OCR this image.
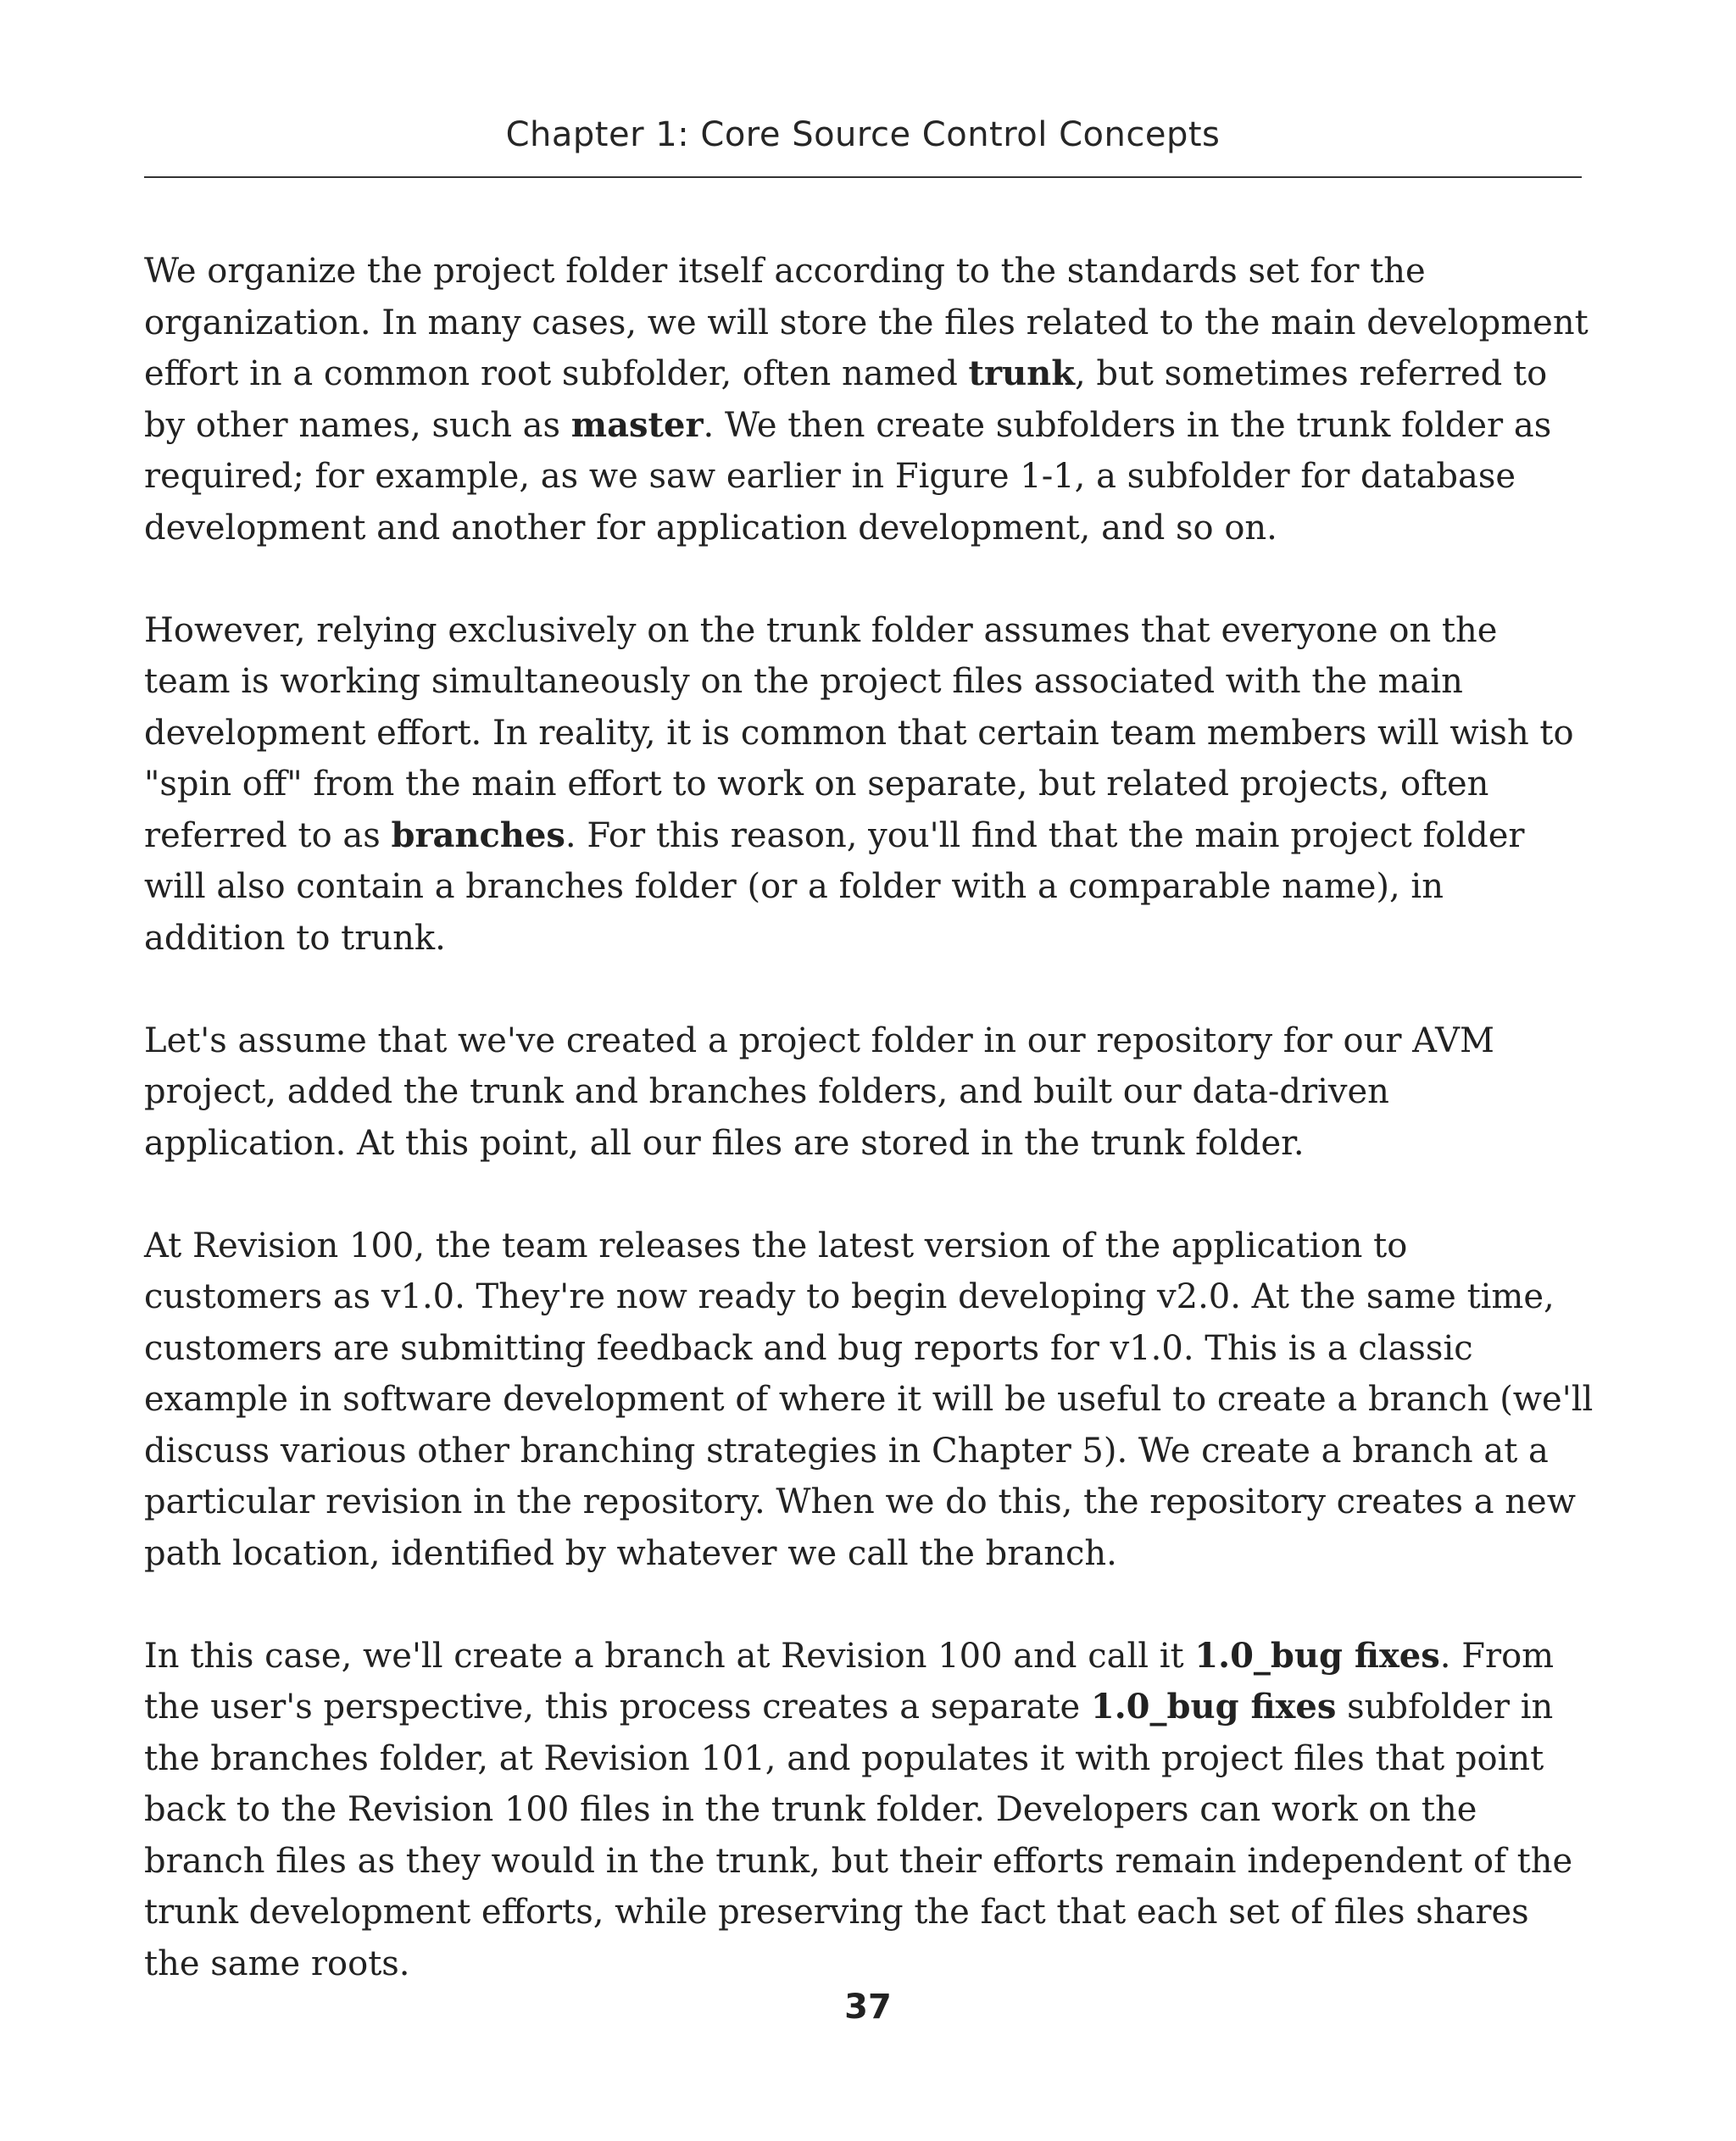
Chapter 1: Core Source Control Concepts

We organize the project folder itself according to the standards set for the organization. In many cases, we will store the files related to the main development effort in a common root subfolder, often named trunk, but sometimes referred to by other names, such as master. We then create subfolders in the trunk folder as required; for example, as we saw earlier in Figure 1-1, a subfolder for database development and another for application development, and so on.

However, relying exclusively on the trunk folder assumes that everyone on the team is working simultaneously on the project files associated with the main development effort. In reality, it is common that certain team members will wish to "spin off" from the main effort to work on separate, but related projects, often referred to as branches. For this reason, you'll find that the main project folder will also contain a branches folder (or a folder with a comparable name), in addition to trunk.

Let's assume that we've created a project folder in our repository for our AVM project, added the trunk and branches folders, and built our data-driven application. At this point, all our files are stored in the trunk folder.

At Revision 100, the team releases the latest version of the application to customers as v1.0. They're now ready to begin developing v2.0. At the same time, customers are submitting feedback and bug reports for v1.0. This is a classic example in software development of where it will be useful to create a branch (we'll discuss various other branching strategies in Chapter 5). We create a branch at a particular revision in the repository. When we do this, the repository creates a new path location, identified by whatever we call the branch.

In this case, we'll create a branch at Revision 100 and call it 1.0_bug fixes. From the user's perspective, this process creates a separate 1.0_bug fixes subfolder in the branches folder, at Revision 101, and populates it with project files that point back to the Revision 100 files in the trunk folder. Developers can work on the branch files as they would in the trunk, but their efforts remain independent of the trunk development efforts, while preserving the fact that each set of files shares the same roots.

37
